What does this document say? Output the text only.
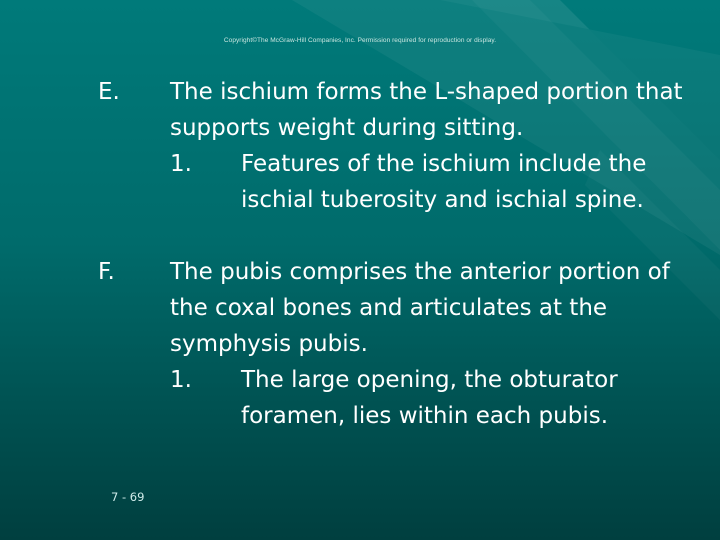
Copyright©The McGraw-Hill Companies, Inc. Permission required for reproduction or display.
E. The ischium forms the L-shaped portion that supports weight during sitting.
1. Features of the ischium include the ischial tuberosity and ischial spine.
F. The pubis comprises the anterior portion of the coxal bones and articulates at the symphysis pubis.
1. The large opening, the obturator foramen, lies within each pubis.
7 - 69
